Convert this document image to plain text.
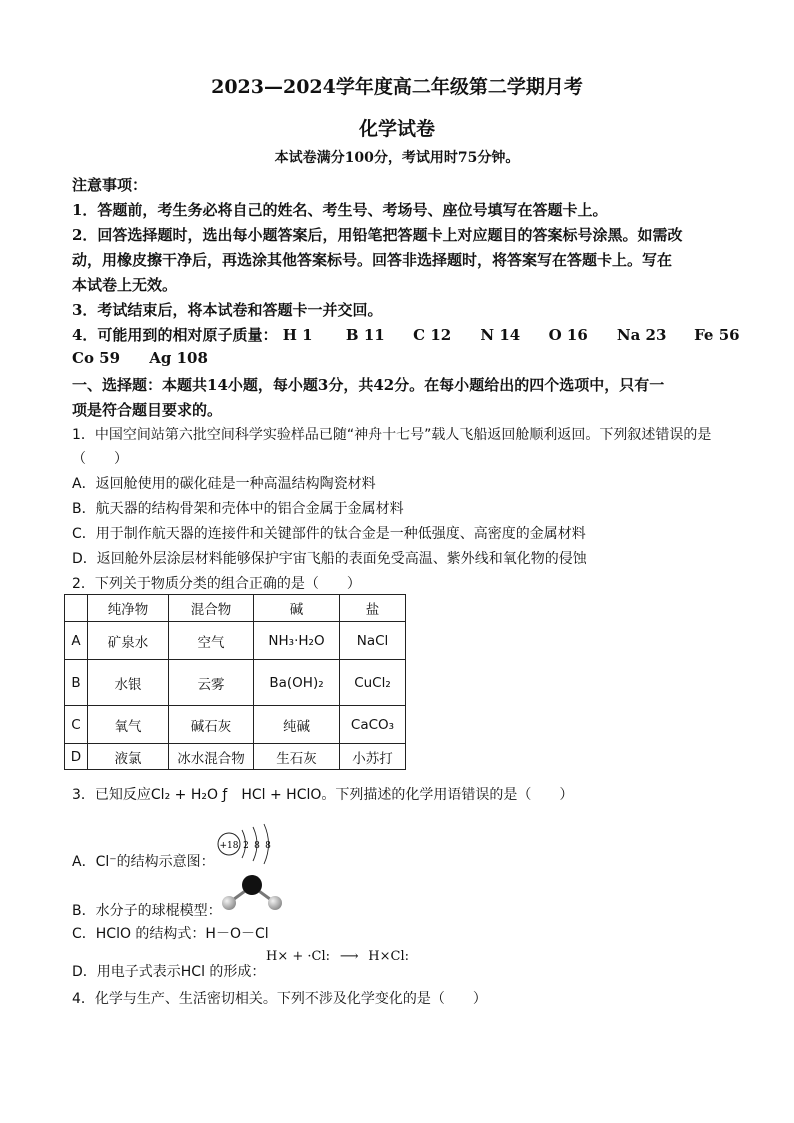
2023—2024学年度高二年级第二学期月考
化学试卷
本试卷满分100分，考试用时75分钟。
注意事项：
1．答题前，考生务必将自己的姓名、考生号、考场号、座位号填写在答题卡上。
2．回答选择题时，选出每小题答案后，用铅笔把答题卡上对应题目的答案标号涂黑。如需改
动，用橡皮擦干净后，再选涂其他答案标号。回答非选择题时，将答案写在答题卡上。写在
本试卷上无效。
3．考试结束后，将本试卷和答题卡一并交回。
4．可能用到的相对原子质量： H 1 B 11 C 12 N 14 O 16 Na 23 Fe 56
Co 59 Ag 108
一、选择题：本题共14小题，每小题3分，共42分。在每小题给出的四个选项中，只有一
项是符合题目要求的。
1．中国空间站第六批空间科学实验样品已随“神舟十七号”载人飞船返回舱顺利返回。下列叙述错误的是
（　　）
A．返回舱使用的碳化硅是一种高温结构陶瓷材料
B．航天器的结构骨架和壳体中的铝合金属于金属材料
C．用于制作航天器的连接件和关键部件的钛合金是一种低强度、高密度的金属材料
D．返回舱外层涂层材料能够保护宇宙飞船的表面免受高温、紫外线和氧化物的侵蚀
2．下列关于物质分类的组合正确的是（　　）
	纯净物	混合物	碱	盐
A	矿泉水	空气	NH₃·H₂O	NaCl
B	水银	云雾	Ba(OH)₂	CuCl₂
C	氧气	碱石灰	纯碱	CaCO₃
D	液氯	冰水混合物	生石灰	小苏打
3．已知反应Cl₂ + H₂O ƒ　HCl + HClO。下列描述的化学用语错误的是（　　）
A．Cl⁻的结构示意图：
+18 2 8 8
B．水分子的球棍模型：
C．HClO 的结构式：H－O－Cl
D．用电子式表示HCl 的形成：
H× + ·Cl: ⟶ H×Cl:
4．化学与生产、生活密切相关。下列不涉及化学变化的是（　　）
